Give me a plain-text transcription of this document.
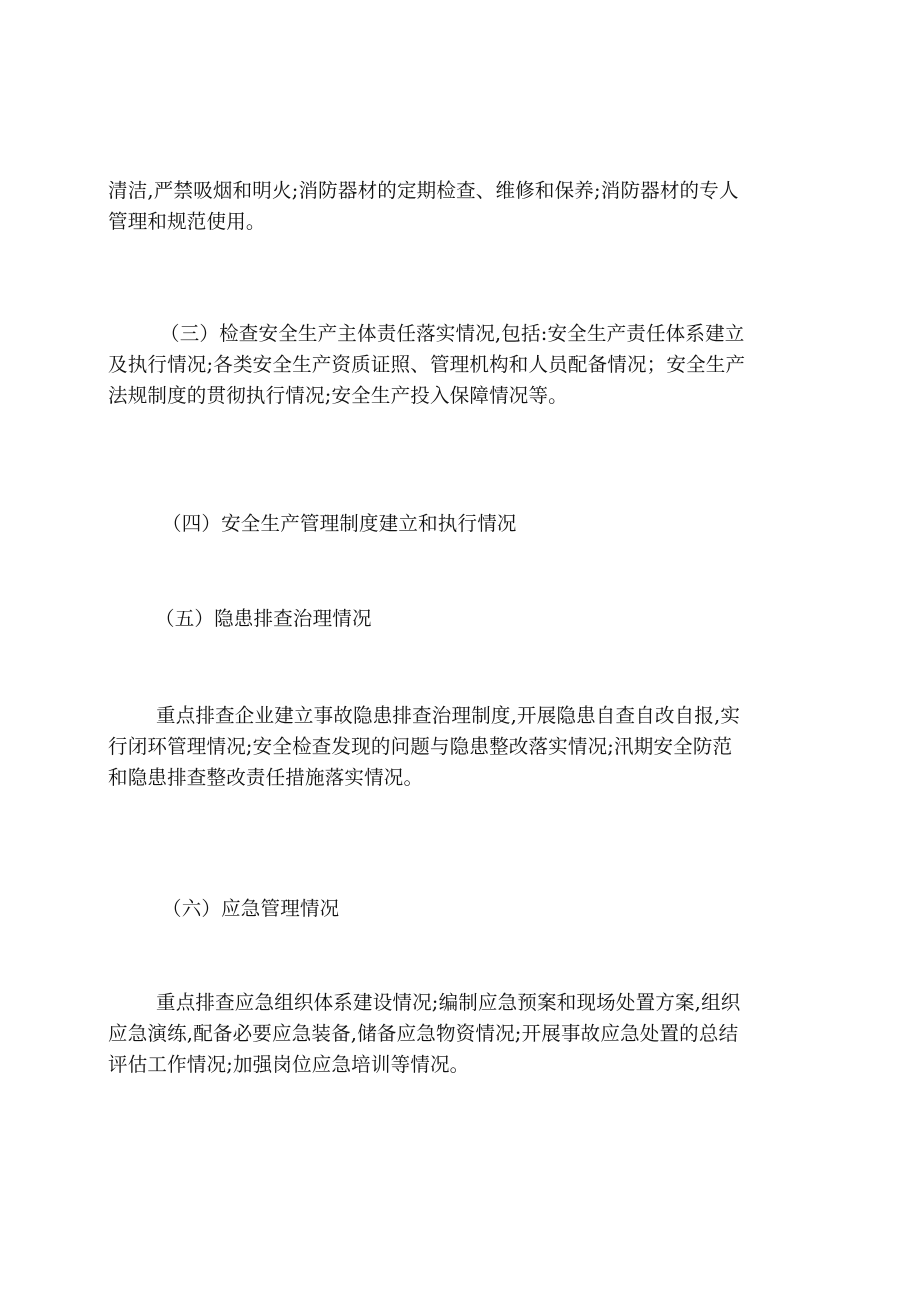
清洁,严禁吸烟和明火;消防器材的定期检查、维修和保养;消防器材的专人
管理和规范使用。

（三）检查安全生产主体责任落实情况,包括:安全生产责任体系建立
及执行情况;各类安全生产资质证照、管理机构和人员配备情况；安全生产
法规制度的贯彻执行情况;安全生产投入保障情况等。

（四）安全生产管理制度建立和执行情况

（五）隐患排查治理情况

重点排查企业建立事故隐患排查治理制度,开展隐患自查自改自报,实
行闭环管理情况;安全检查发现的问题与隐患整改落实情况;汛期安全防范
和隐患排查整改责任措施落实情况。

（六）应急管理情况

重点排查应急组织体系建设情况;编制应急预案和现场处置方案,组织
应急演练,配备必要应急装备,储备应急物资情况;开展事故应急处置的总结
评估工作情况;加强岗位应急培训等情况。
